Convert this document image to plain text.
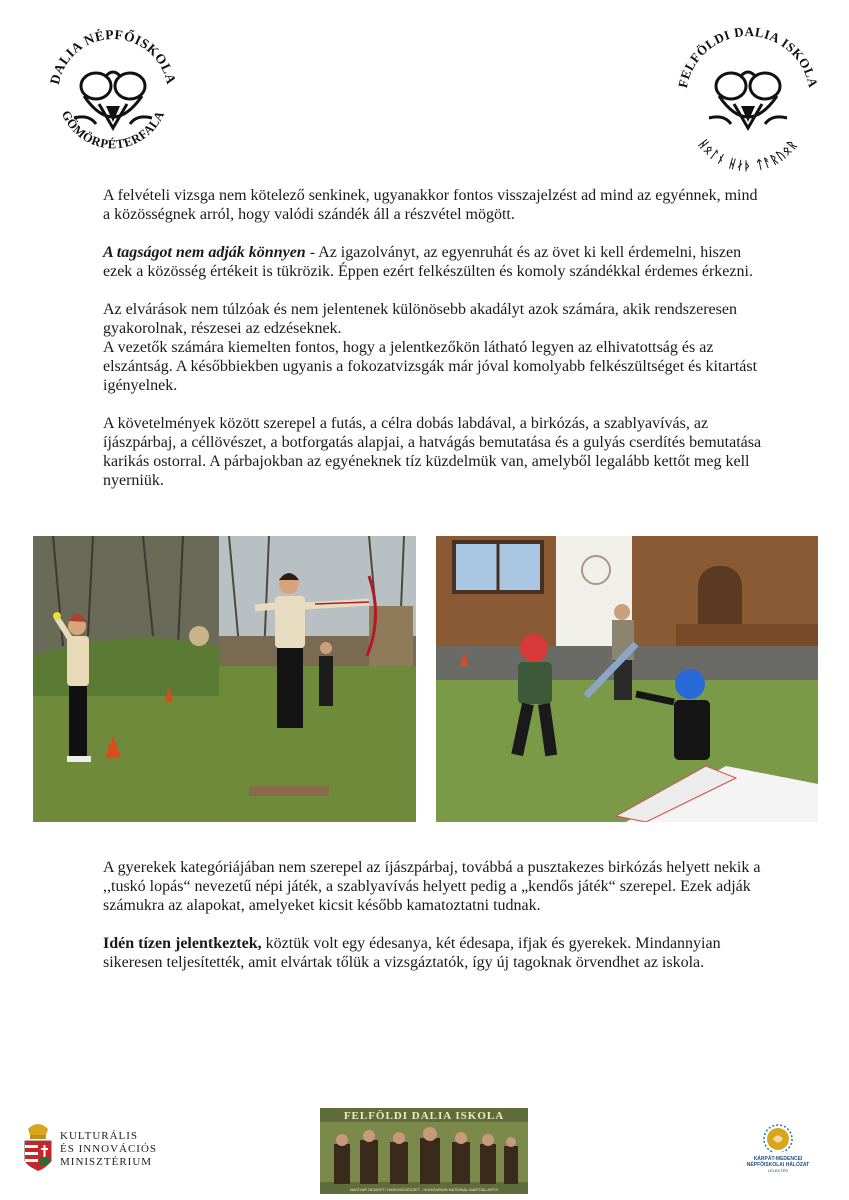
DALIA NÉPFŐISKOLA
GÖMÖRPÉTERFALA
FELFÖLDI DALIA ISKOLA
ᚺᛟᛚᚾ ᚺᛅᚦ ᛏᚨᚱᚢᛟᚱ

A felvételi vizsga nem kötelező senkinek, ugyanakkor fontos visszajelzést ad mind az egyénnek, mind a közösségnek arról, hogy valódi szándék áll a részvétel mögött.

A tagságot nem adják könnyen - Az igazolványt, az egyenruhát és az övet ki kell érdemelni, hiszen ezek a közösség értékeit is tükrözik. Éppen ezért felkészülten és komoly szándékkal érdemes érkezni.

Az elvárások nem túlzóak és nem jelentenek különösebb akadályt azok számára, akik rendszeresen gyakorolnak, részesei az edzéseknek.

A vezetők számára kiemelten fontos, hogy a jelentkezőkön látható legyen az elhivatottság és az elszántság. A későbbiekben ugyanis a fokozatvizsgák már jóval komolyabb felkészültséget és kitartást igényelnek.

A követelmények között szerepel a futás, a célra dobás labdával, a birkózás, a szablyavívás, az íjászpárbaj, a céllövészet, a botforgatás alapjai, a hatvágás bemutatása és a gulyás cserdítés bemutatása karikás ostorral. A párbajokban az egyéneknek tíz küzdelmük van, amelyből legalább kettőt meg kell nyerniük.

A gyerekek kategóriájában nem szerepel az íjászpárbaj, továbbá a pusztakezes birkózás helyett nekik a ,,tuskó lopás“ nevezetű népi játék, a szablyavívás helyett pedig a „kendős játék“ szerepel. Ezek adják számukra az alapokat, amelyeket kicsit később kamatoztatni tudnak.

Idén tízen jelentkeztek, köztük volt egy édesanya, két édesapa, ifjak és gyerekek. Mindannyian sikeresen teljesítették, amit elvártak tőlük a vizsgáztatók, így új tagoknak örvendhet az iskola.

KULTURÁLIS
ÉS INNOVÁCIÓS
MINISZTÉRIUM
FELFÖLDI DALIA ISKOLA
MAGYAR NEMZETI HARCMŰVÉSZET - HUNGARIAN NATIONAL MARTIAL ARTS
KÁRPÁT-MEDENCEI
NÉPFŐISKOLAI HÁLÓZAT
LÉLEKTÉR
